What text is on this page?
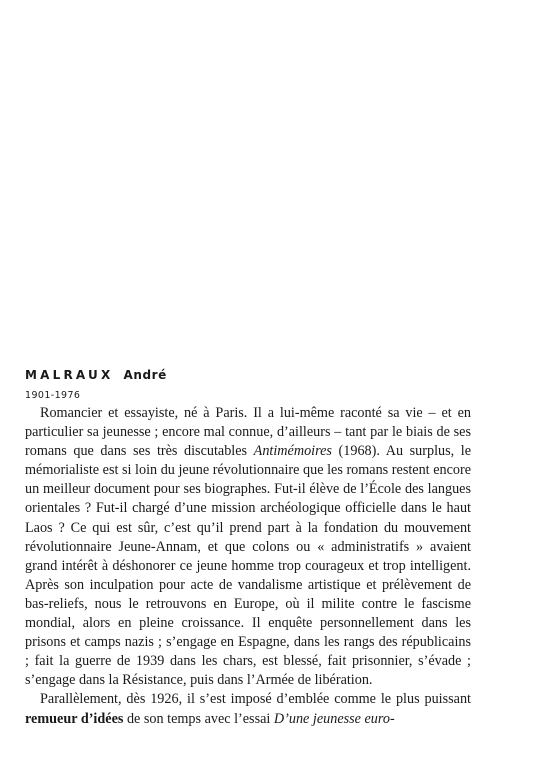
MALRAUX André
1901-1976

Romancier et essayiste, né à Paris. Il a lui-même raconté sa vie – et en particulier sa jeunesse ; encore mal connue, d’ailleurs – tant par le biais de ses romans que dans ses très discutables Antimémoires (1968). Au surplus, le mémorialiste est si loin du jeune révolutionnaire que les romans restent encore un meilleur document pour ses biographes. Fut-il élève de l’École des langues orientales ? Fut-il chargé d’une mission archéologique officielle dans le haut Laos ? Ce qui est sûr, c’est qu’il prend part à la fondation du mouvement révolutionnaire Jeune-Annam, et que colons ou « administratifs » avaient grand intérêt à déshonorer ce jeune homme trop courageux et trop intelligent. Après son inculpation pour acte de vandalisme artistique et prélèvement de bas-reliefs, nous le retrouvons en Europe, où il milite contre le fascisme mondial, alors en pleine croissance. Il enquête personnellement dans les prisons et camps nazis ; s’engage en Espagne, dans les rangs des républicains ; fait la guerre de 1939 dans les chars, est blessé, fait prisonnier, s’évade ; s’engage dans la Résistance, puis dans l’Armée de libération.

Parallèlement, dès 1926, il s’est imposé d’emblée comme le plus puissant remueur d’idées de son temps avec l’essai D’une jeunesse euro-
